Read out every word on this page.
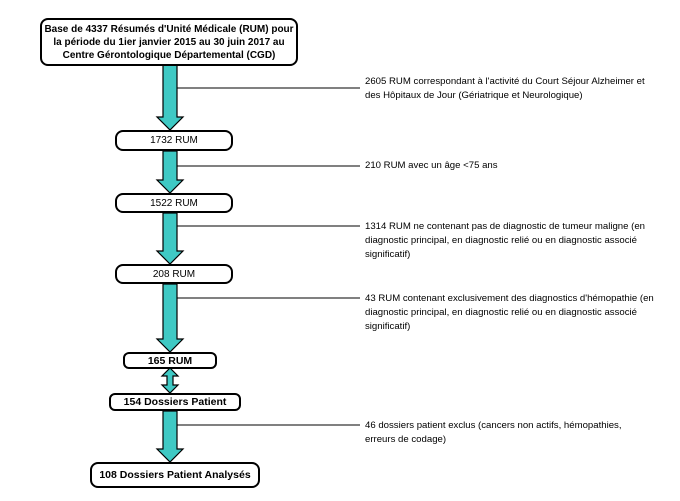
Base de 4337 Résumés d'Unité Médicale (RUM) pour
la période du 1ier janvier 2015 au 30 juin 2017 au
Centre Gérontologique Départemental (CGD)
1732 RUM
1522 RUM
208 RUM
165 RUM
154 Dossiers Patient
108 Dossiers Patient Analysés
2605 RUM correspondant à l'activité du Court Séjour Alzheimer et
des Hôpitaux de Jour (Gériatrique et Neurologique)
210 RUM avec un âge <75 ans
1314 RUM ne contenant pas de diagnostic de tumeur maligne (en
diagnostic principal, en diagnostic relié ou en diagnostic associé
significatif)
43 RUM contenant exclusivement des diagnostics d'hémopathie (en
diagnostic principal, en diagnostic relié ou en diagnostic associé
significatif)
46 dossiers patient exclus (cancers non actifs, hémopathies,
erreurs de codage)
